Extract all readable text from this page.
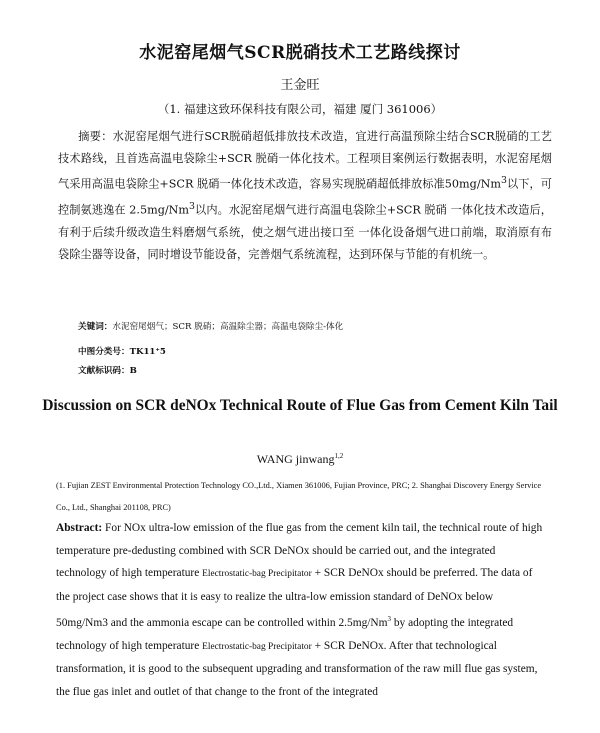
水泥窑尾烟气SCR脱硝技术工艺路线探讨
王金旺
（1. 福建这致环保科技有限公司，福建 厦门 361006）
摘要：水泥窑尾烟气进行SCR脱硝超低排放技术改造，宜进行高温预除尘结合SCR脱硝的工艺技术路线，且首选高温电袋除尘+SCR 脱硝一体化技术。工程项目案例运行数据表明，水泥窑尾烟气采用高温电袋除尘+SCR 脱硝一体化技术改造，容易实现脱硝超低排放标准50mg/Nm$^3$以下，可控制氨逃逸在 2.5mg/Nm$^3$以内。水泥窑尾烟气进行高温电袋除尘+SCR 脱硝 一体化技术改造后，有利于后续升级改造生料磨烟气系统，使之烟气进出接口至 一体化设备烟气进口前端，取消原有布袋除尘器等设备，同时增设节能设备，完善烟气系统流程，达到环保与节能的有机统一。
关键词：水泥窑尾烟气；SCR 脱硝；高温除尘器；高温电袋除尘-体化
中图分类号：TK11⁺5
文献标识码：B
Discussion on SCR deNOx Technical Route of Flue Gas from Cement Kiln Tail
WANG jinwang$^{1,2}$
(1. Fujian ZEST Environmental Protection Technology CO.,Ltd., Xiamen 361006, Fujian Province, PRC; 2. Shanghai Discovery Energy Service Co., Ltd., Shanghai 201108, PRC)
Abstract: For NOx ultra-low emission of the flue gas from the cement kiln tail, the technical route of high temperature pre-dedusting combined with SCR DeNOx should be carried out, and the integrated technology of high temperature Electrostatic-bag Precipitator + SCR DeNOx should be preferred. The data of the project case shows that it is easy to realize the ultra-low emission standard of DeNOx below 50mg/Nm3 and the ammonia escape can be controlled within 2.5mg/Nm$^3$ by adopting the integrated technology of high temperature Electrostatic-bag Precipitator + SCR DeNOx. After that technological transformation, it is good to the subsequent upgrading and transformation of the raw mill flue gas system, the flue gas inlet and outlet of that change to the front of the integrated
